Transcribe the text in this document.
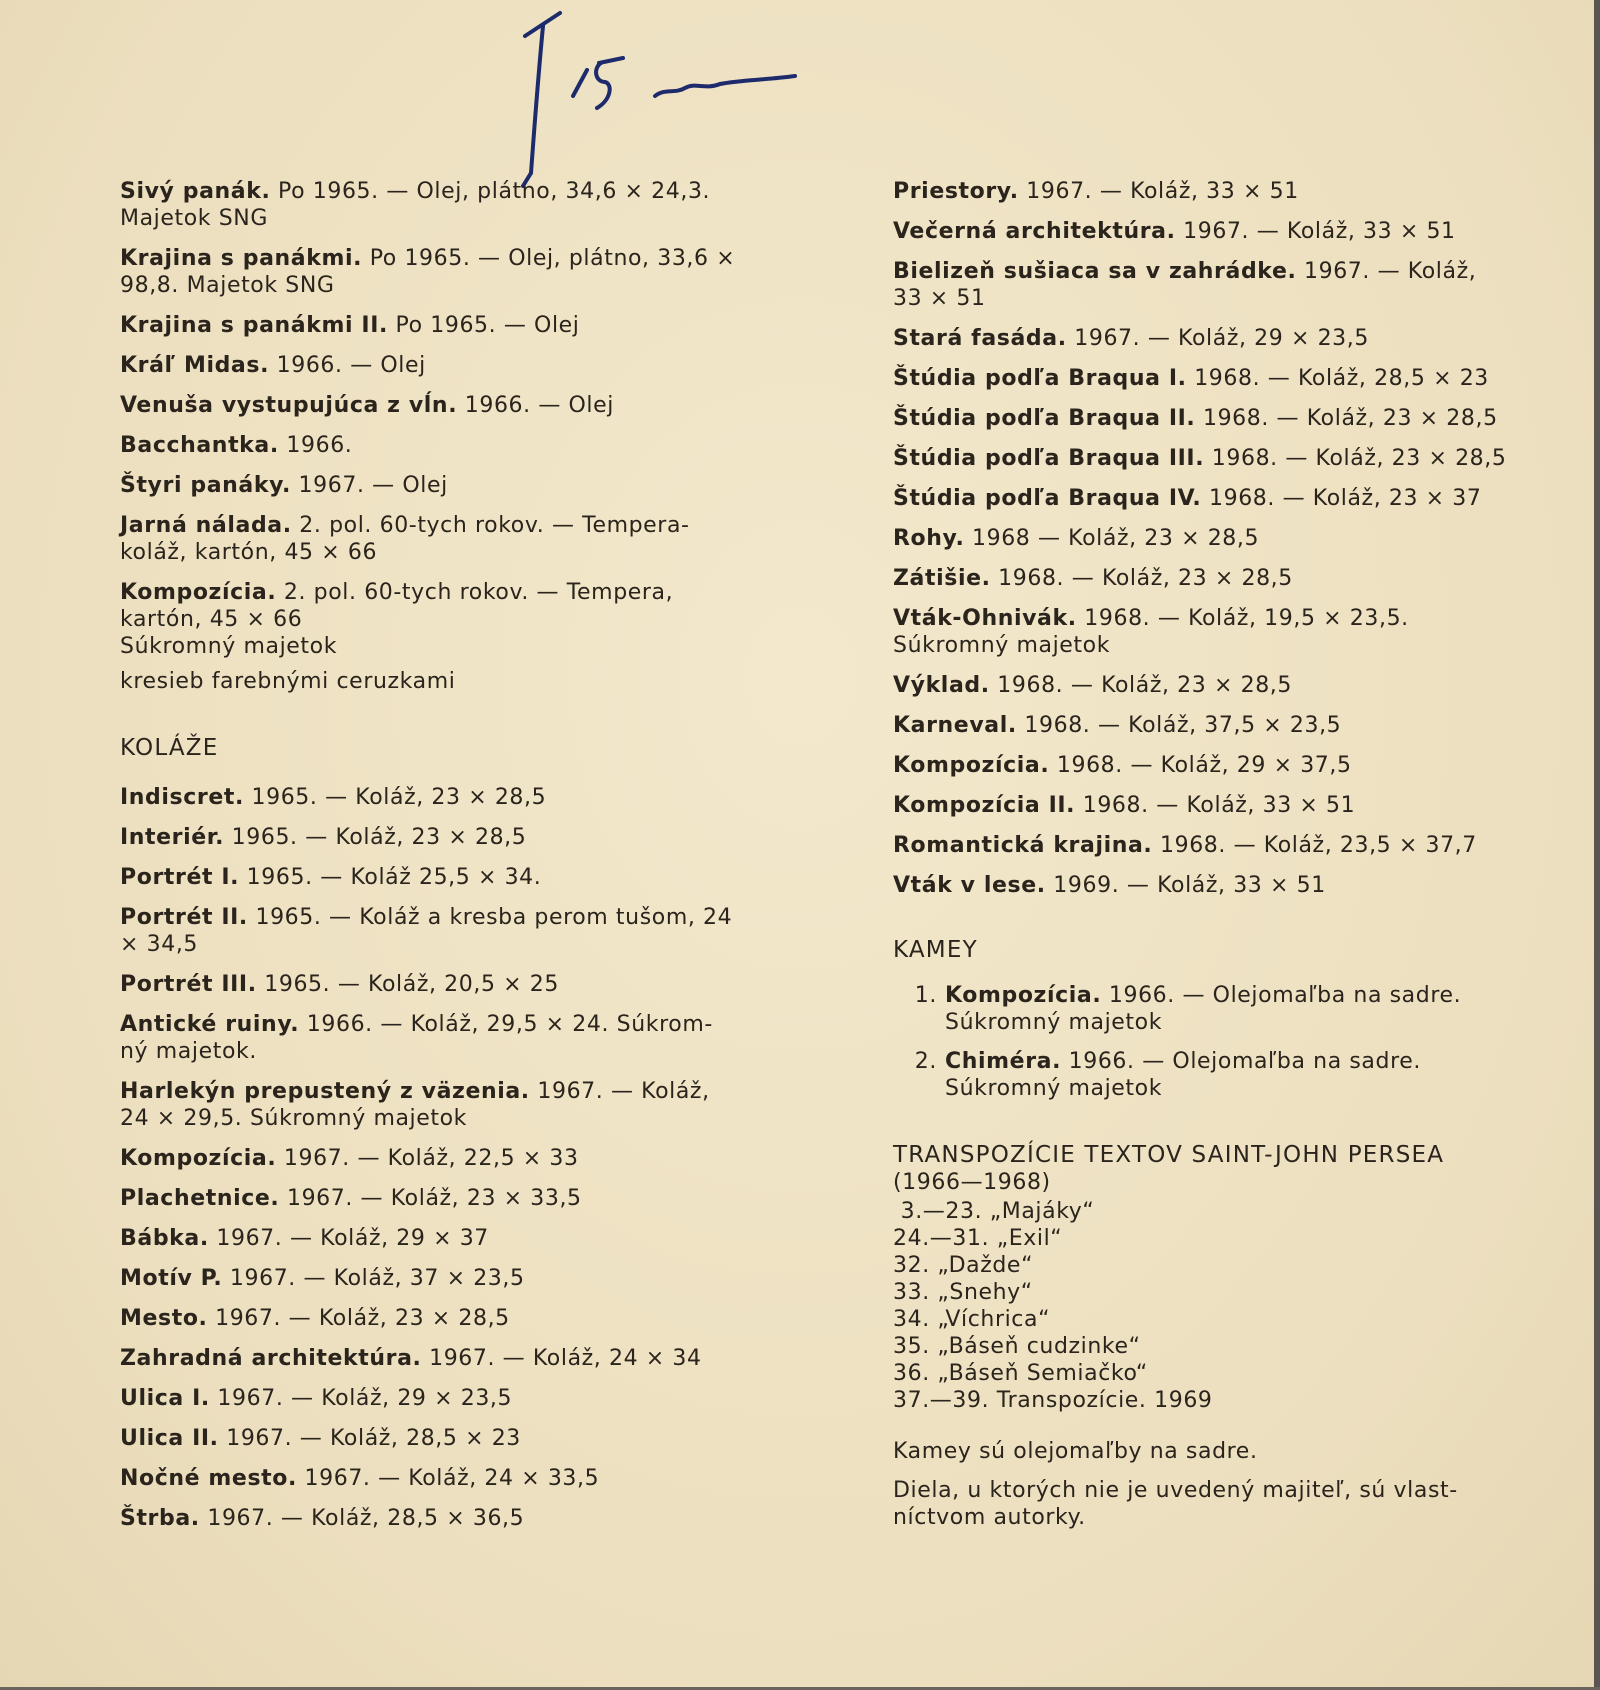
I 15

Sivý panák. Po 1965. — Olej, plátno, 34,6 × 24,3. Majetok SNG

Krajina s panákmi. Po 1965. — Olej, plátno, 33,6 × 98,8. Majetok SNG

Krajina s panákmi II. Po 1965. — Olej

Kráľ Midas. 1966. — Olej

Venuša vystupujúca z vĺn. 1966. — Olej

Bacchantka. 1966.

Štyri panáky. 1967. — Olej

Jarná nálada. 2. pol. 60-tych rokov. — Tempera-koláž, kartón, 45 × 66

Kompozícia. 2. pol. 60-tych rokov. — Tempera, kartón, 45 × 66

Súkromný majetok

kresieb farebnými ceruzkami

KOLÁŽE

Indiscret. 1965. — Koláž, 23 × 28,5

Interiér. 1965. — Koláž, 23 × 28,5

Portrét I. 1965. — Koláž 25,5 × 34.

Portrét II. 1965. — Koláž a kresba perom tušom, 24 × 34,5

Portrét III. 1965. — Koláž, 20,5 × 25

Antické ruiny. 1966. — Koláž, 29,5 × 24. Súkrom-ný majetok.

Harlekýn prepustený z väzenia. 1967. — Koláž, 24 × 29,5. Súkromný majetok

Kompozícia. 1967. — Koláž, 22,5 × 33

Plachetnice. 1967. — Koláž, 23 × 33,5

Bábka. 1967. — Koláž, 29 × 37

Motív P. 1967. — Koláž, 37 × 23,5

Mesto. 1967. — Koláž, 23 × 28,5

Zahradná architektúra. 1967. — Koláž, 24 × 34

Ulica I. 1967. — Koláž, 29 × 23,5

Ulica II. 1967. — Koláž, 28,5 × 23

Nočné mesto. 1967. — Koláž, 24 × 33,5

Štrba. 1967. — Koláž, 28,5 × 36,5

Priestory. 1967. — Koláž, 33 × 51

Večerná architektúra. 1967. — Koláž, 33 × 51

Bielizeň sušiaca sa v zahrádke. 1967. — Koláž, 33 × 51

Stará fasáda. 1967. — Koláž, 29 × 23,5

Štúdia podľa Braqua I. 1968. — Koláž, 28,5 × 23

Štúdia podľa Braqua II. 1968. — Koláž, 23 × 28,5

Štúdia podľa Braqua III. 1968. — Koláž, 23 × 28,5

Štúdia podľa Braqua IV. 1968. — Koláž, 23 × 37

Rohy. 1968 — Koláž, 23 × 28,5

Zátišie. 1968. — Koláž, 23 × 28,5

Vták-Ohnivák. 1968. — Koláž, 19,5 × 23,5. Súkromný majetok

Výklad. 1968. — Koláž, 23 × 28,5

Karneval. 1968. — Koláž, 37,5 × 23,5

Kompozícia. 1968. — Koláž, 29 × 37,5

Kompozícia II. 1968. — Koláž, 33 × 51

Romantická krajina. 1968. — Koláž, 23,5 × 37,7

Vták v lese. 1969. — Koláž, 33 × 51

KAMEY
1. Kompozícia. 1966. — Olejomaľba na sadre. Súkromný majetok
2. Chiméra. 1966. — Olejomaľba na sadre. Súkromný majetok
TRANSPOZÍCIE TEXTOV SAINT-JOHN PERSEA

(1966—1968)

3.—23. „Majáky“

24.—31. „Exil“

32. „Dažde“

33. „Snehy“

34. „Víchrica“

35. „Báseň cudzinke“

36. „Báseň Semiačko“

37.—39. Transpozície. 1969

Kamey sú olejomaľby na sadre.

Diela, u ktorých nie je uvedený majiteľ, sú vlast-níctvom autorky.
